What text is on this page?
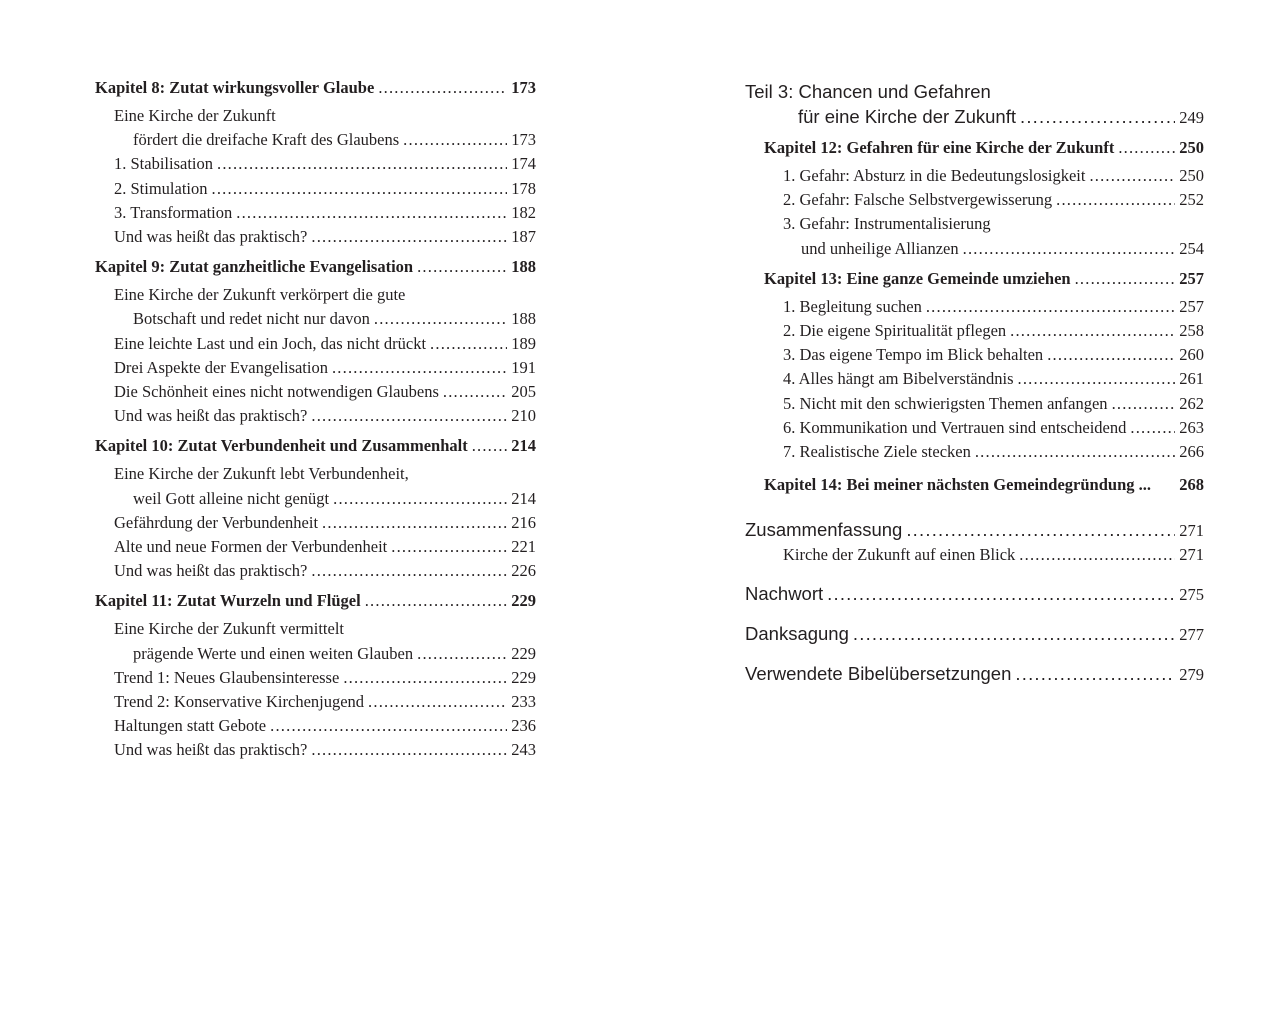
Kapitel 8: Zutat wirkungsvoller Glaube .....	173
Eine Kirche der Zukunft
fördert die dreifache Kraft des Glaubens .....	173
1. Stabilisation .....	174
2. Stimulation .....	178
3. Transformation .....	182
Und was heißt das praktisch? .....	187
Kapitel 9: Zutat ganzheitliche Evangelisation .....	188
Eine Kirche der Zukunft verkörpert die gute
Botschaft und redet nicht nur davon .....	188
Eine leichte Last und ein Joch, das nicht drückt .....	189
Drei Aspekte der Evangelisation .....	191
Die Schönheit eines nicht notwendigen Glaubens .....	205
Und was heißt das praktisch? .....	210
Kapitel 10: Zutat Verbundenheit und Zusammenhalt .....	214
Eine Kirche der Zukunft lebt Verbundenheit,
weil Gott alleine nicht genügt .....	214
Gefährdung der Verbundenheit .....	216
Alte und neue Formen der Verbundenheit .....	221
Und was heißt das praktisch? .....	226
Kapitel 11: Zutat Wurzeln und Flügel .....	229
Eine Kirche der Zukunft vermittelt
prägende Werte und einen weiten Glauben .....	229
Trend 1: Neues Glaubensinteresse .....	229
Trend 2: Konservative Kirchenjugend .....	233
Haltungen statt Gebote .....	236
Und was heißt das praktisch? .....	243
Teil 3: Chancen und Gefahren
für eine Kirche der Zukunft .....	249
Kapitel 12: Gefahren für eine Kirche der Zukunft .....	250
1. Gefahr: Absturz in die Bedeutungslosigkeit .....	250
2. Gefahr: Falsche Selbstvergewisserung .....	252
3. Gefahr: Instrumentalisierung
und unheilige Allianzen .....	254
Kapitel 13: Eine ganze Gemeinde umziehen .....	257
1. Begleitung suchen .....	257
2. Die eigene Spiritualität pflegen .....	258
3. Das eigene Tempo im Blick behalten .....	260
4. Alles hängt am Bibelverständnis .....	261
5. Nicht mit den schwierigsten Themen anfangen .....	262
6. Kommunikation und Vertrauen sind entscheidend .....	263
7. Realistische Ziele stecken .....	266
Kapitel 14: Bei meiner nächsten Gemeindegründung ... 268
Zusammenfassung .....	271
Kirche der Zukunft auf einen Blick .....	271
Nachwort .....	275
Danksagung .....	277
Verwendete Bibelübersetzungen .....	279
